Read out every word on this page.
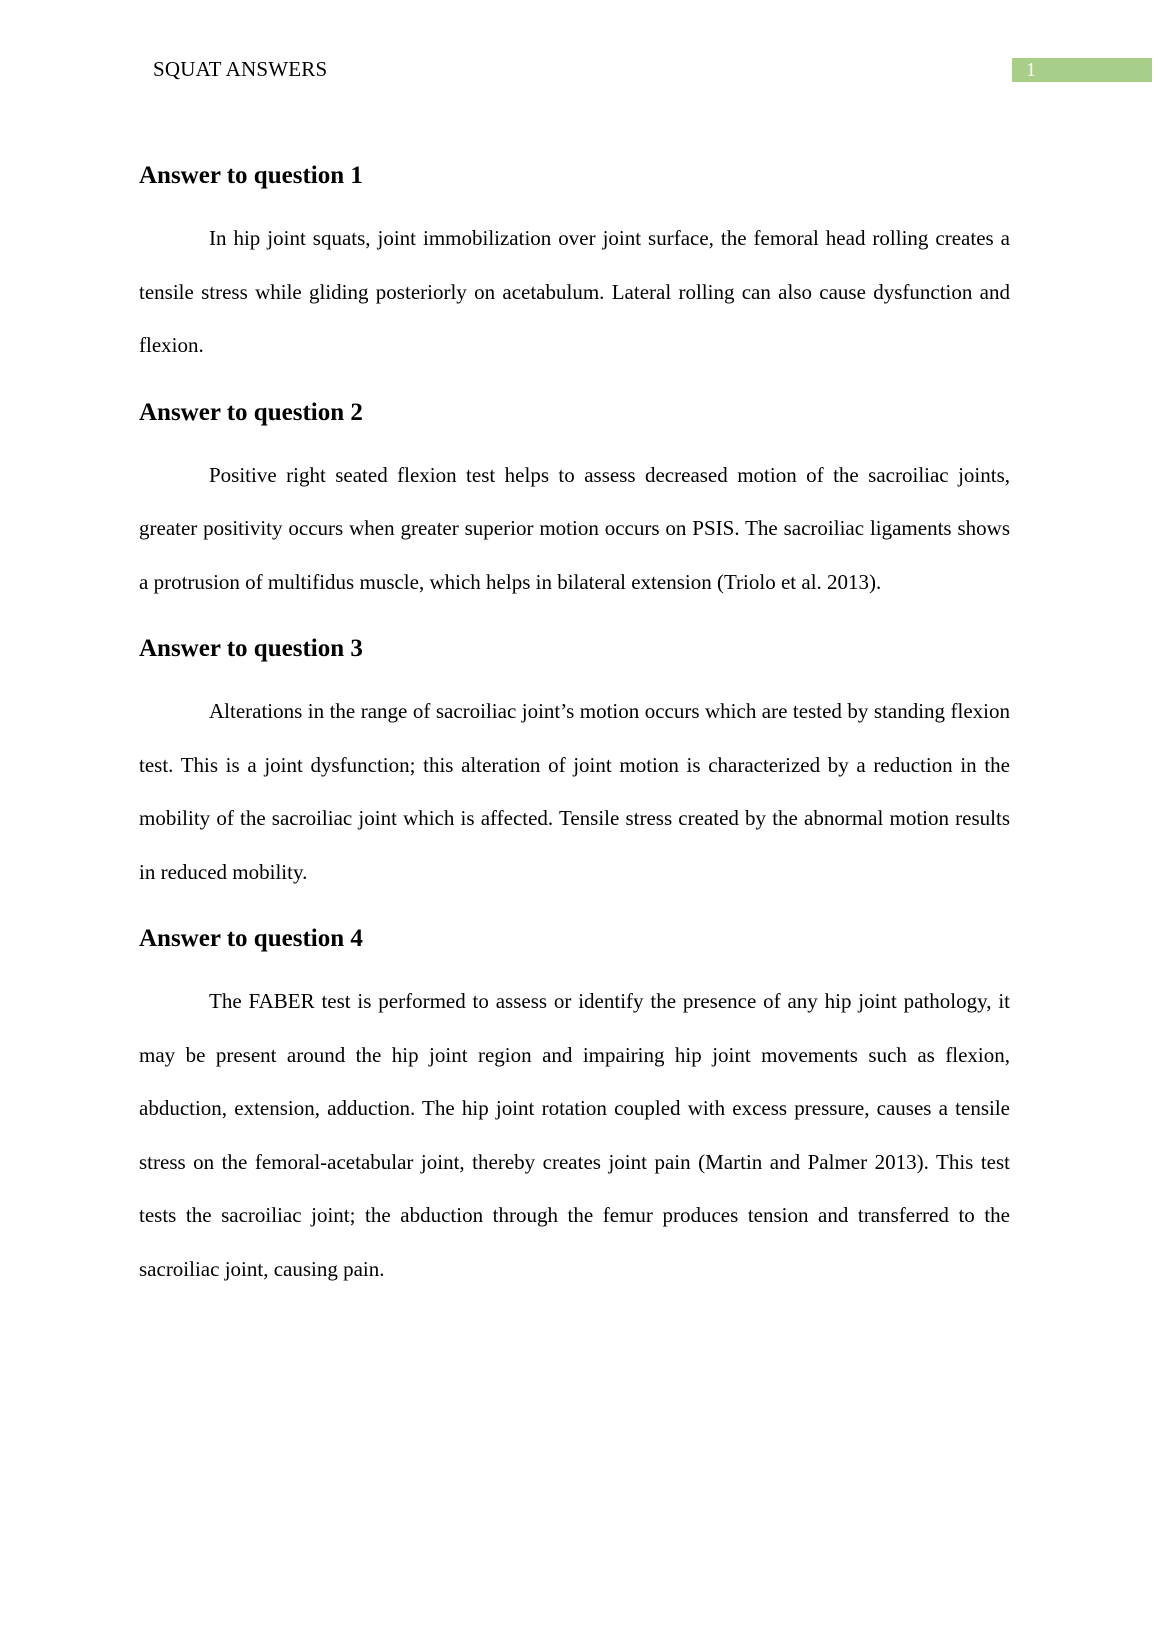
SQUAT ANSWERS	1
Answer to question 1

In hip joint squats, joint immobilization over joint surface, the femoral head rolling creates a tensile stress while gliding posteriorly on acetabulum. Lateral rolling can also cause dysfunction and flexion.

Answer to question 2

Positive right seated flexion test helps to assess decreased motion of the sacroiliac joints, greater positivity occurs when greater superior motion occurs on PSIS. The sacroiliac ligaments shows a protrusion of multifidus muscle, which helps in bilateral extension (Triolo et al. 2013).

Answer to question 3

Alterations in the range of sacroiliac joint’s motion occurs which are tested by standing flexion test. This is a joint dysfunction; this alteration of joint motion is characterized by a reduction in the mobility of the sacroiliac joint which is affected. Tensile stress created by the abnormal motion results in reduced mobility.

Answer to question 4

The FABER test is performed to assess or identify the presence of any hip joint pathology, it may be present around the hip joint region and impairing hip joint movements such as flexion, abduction, extension, adduction. The hip joint rotation coupled with excess pressure, causes a tensile stress on the femoral-acetabular joint, thereby creates joint pain (Martin and Palmer 2013). This test tests the sacroiliac joint; the abduction through the femur produces tension and transferred to the sacroiliac joint, causing pain.
